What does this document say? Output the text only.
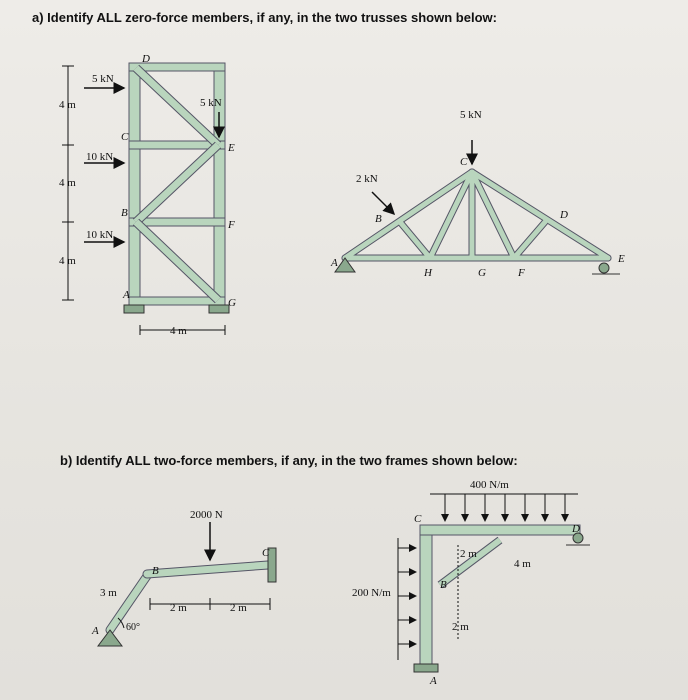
a) Identify ALL zero-force members, if any, in the two trusses shown below:
b) Identify ALL two-force members, if any, in the two frames shown below:
5 kN
5 kN
10 kN
10 kN
4 m
4 m
4 m
4 m
D
C
B
A
E
F
G
5 kN
2 kN
A
B
C
D
E
H	G	F
2000 N
3 m
2 m	2 m
60°
A
B
C
400 N/m
200 N/m
2 m
4 m
2 m
C
D
B
A
